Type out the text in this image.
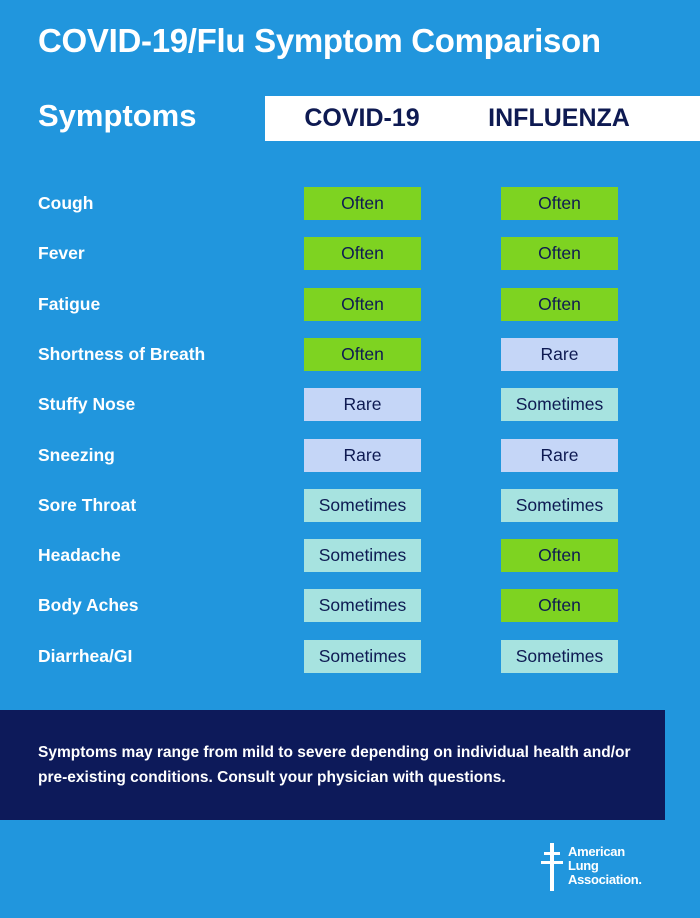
COVID-19/Flu Symptom Comparison
Symptoms	COVID-19	INFLUENZA
Cough	Often	Often
Fever	Often	Often
Fatigue	Often	Often
Shortness of Breath	Often	Rare
Stuffy Nose	Rare	Sometimes
Sneezing	Rare	Rare
Sore Throat	Sometimes	Sometimes
Headache	Sometimes	Often
Body Aches	Sometimes	Often
Diarrhea/GI	Sometimes	Sometimes
Symptoms may range from mild to severe depending on individual health and/or pre-existing conditions. Consult your physician with questions.
American
Lung
Association.
